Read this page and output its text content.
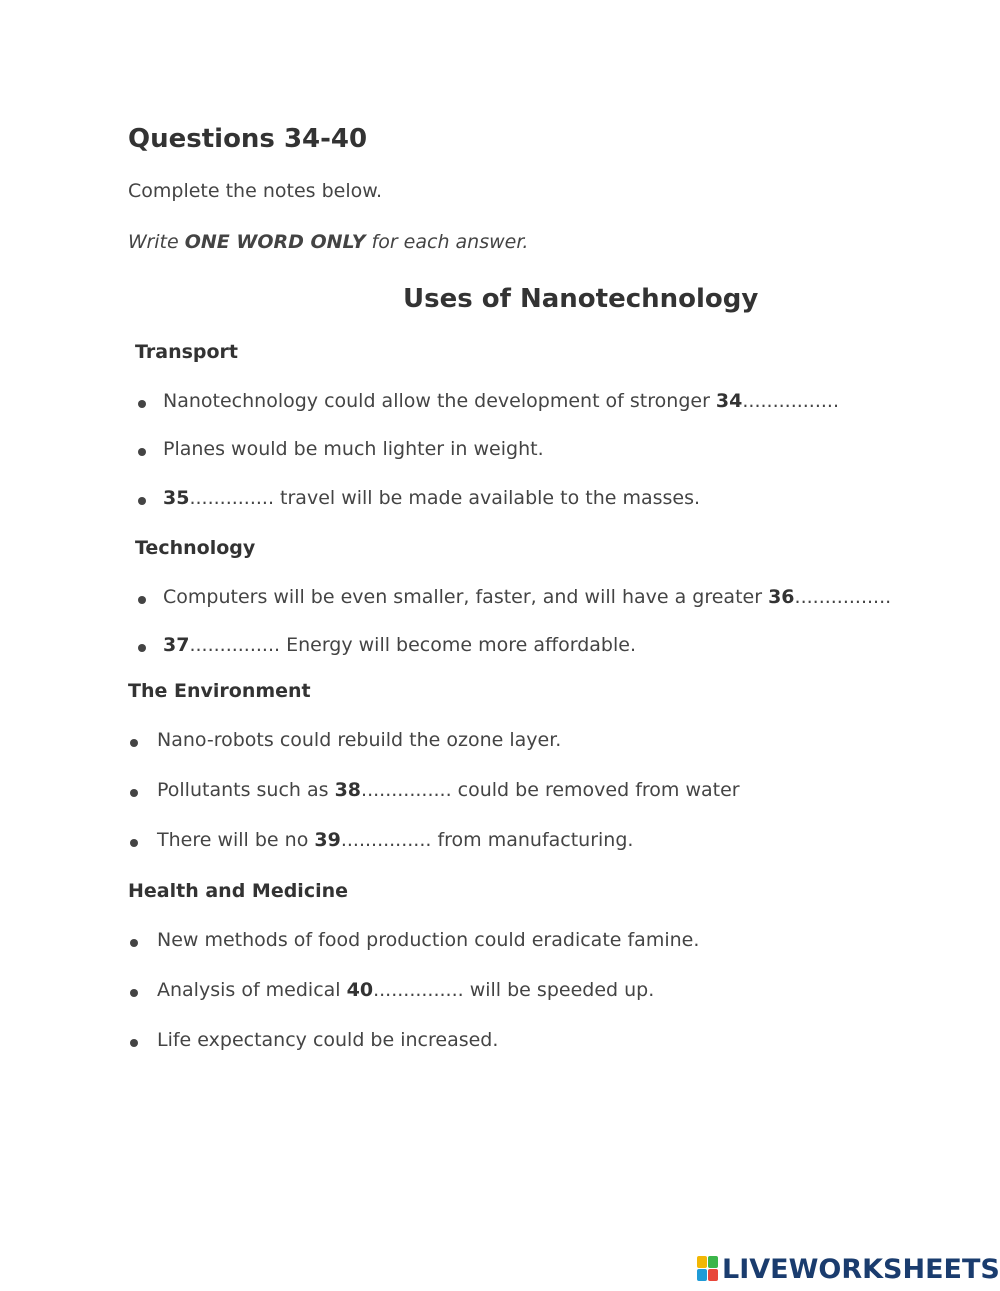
Questions 34-40
Complete the notes below.
Write ONE WORD ONLY for each answer.
Uses of Nanotechnology
Transport
Nanotechnology could allow the development of stronger 34................
Planes would be much lighter in weight.
35.............. travel will be made available to the masses.
Technology
Computers will be even smaller, faster, and will have a greater 36................
37............... Energy will become more affordable.
The Environment
Nano-robots could rebuild the ozone layer.
Pollutants such as 38............... could be removed from water
There will be no 39............... from manufacturing.
Health and Medicine
New methods of food production could eradicate famine.
Analysis of medical 40............... will be speeded up.
Life expectancy could be increased.
LIVEWORKSHEETS
